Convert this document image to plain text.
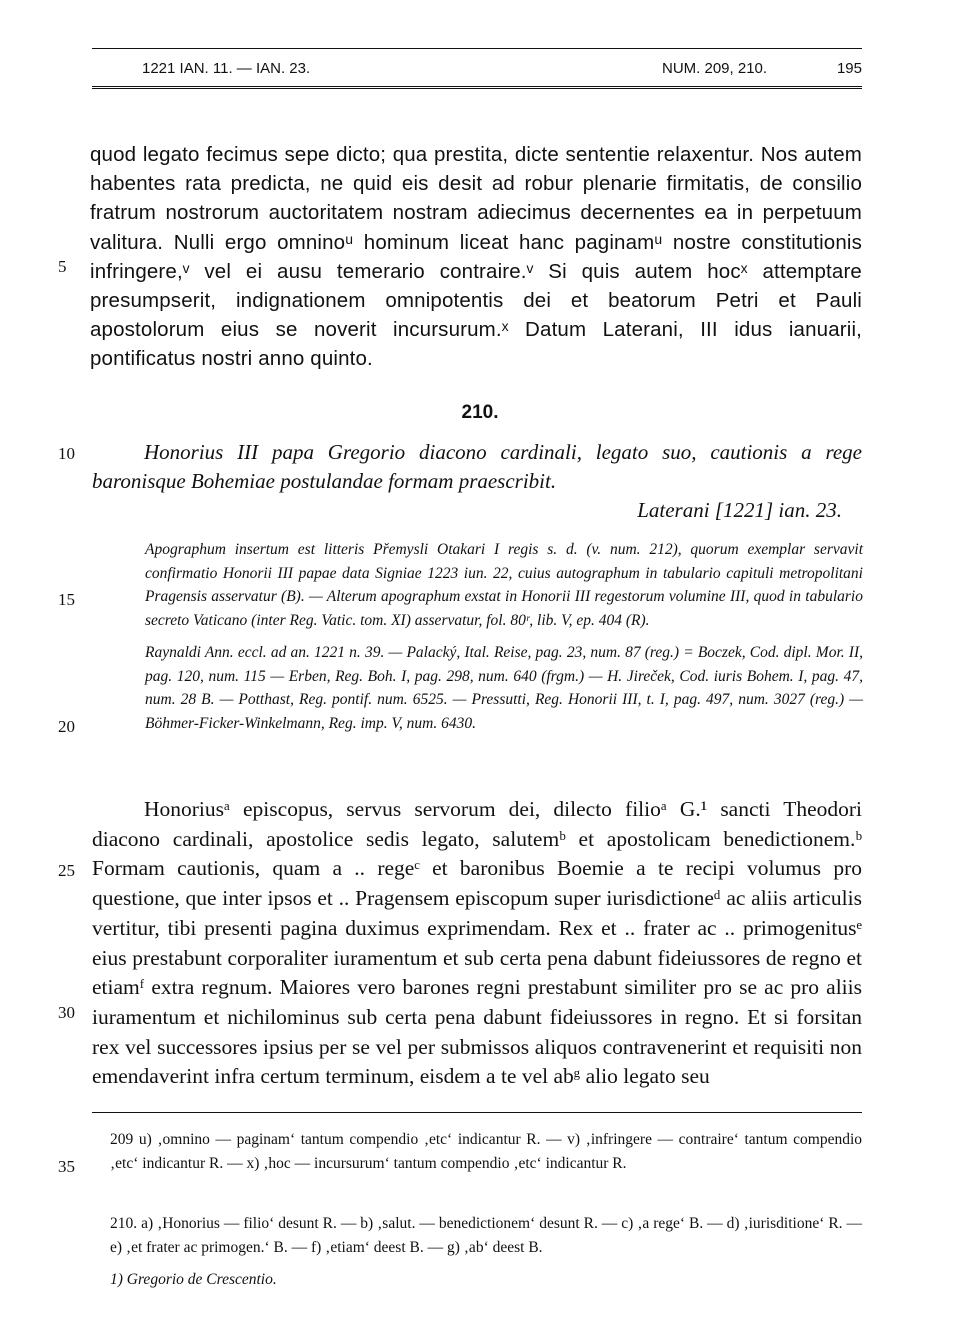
1221 IAN. 11. — IAN. 23.	NUM. 209, 210.	195
5
10
15
20
25
30
35

quod legato fecimus sepe dicto; qua prestita, dicte sententie relaxentur. Nos autem habentes rata predicta, ne quid eis desit ad robur plenarie firmitatis, de consilio fratrum nostrorum auctoritatem nostram adiecimus decernentes ea in perpetuum valitura. Nulli ergo omninoᵘ hominum liceat hanc paginamᵘ nostre constitutionis infringere,ᵛ vel ei ausu temerario contraire.ᵛ Si quis autem hocˣ attemptare presumpserit, indignationem omnipotentis dei et beatorum Petri et Pauli apostolorum eius se noverit incursurum.ˣ Datum Laterani, III idus ianuarii, pontificatus nostri anno quinto.

210.
Honorius III papa Gregorio diacono cardinali, legato suo, cautionis a rege
baronisque Bohemiae postulandae formam praescribit.
Laterani [1221] ian. 23.

Apographum insertum est litteris Přemysli Otakari I regis s. d. (v. num. 212), quorum exemplar servavit confirmatio Honorii III papae data Signiae 1223 iun. 22, cuius autographum in tabulario capituli metropolitani Pragensis asservatur (B). — Alterum apographum exstat in Honorii III regestorum volumine III, quod in tabulario secreto Vaticano (inter Reg. Vatic. tom. XI) asservatur, fol. 80ʳ, lib. V, ep. 404 (R).

Raynaldi Ann. eccl. ad an. 1221 n. 39. — Palacký, Ital. Reise, pag. 23, num. 87 (reg.) = Boczek, Cod. dipl. Mor. II, pag. 120, num. 115 — Erben, Reg. Boh. I, pag. 298, num. 640 (frgm.) — H. Jireček, Cod. iuris Bohem. I, pag. 47, num. 28 B. — Potthast, Reg. pontif. num. 6525. — Pressutti, Reg. Honorii III, t. I, pag. 497, num. 3027 (reg.) — Böhmer-Ficker-Winkelmann, Reg. imp. V, num. 6430.

Honoriusᵃ episcopus, servus servorum dei, dilecto filioᵃ G.¹ sancti Theodori diacono cardinali, apostolice sedis legato, salutemᵇ et apostolicam benedictionem.ᵇ Formam cautionis, quam a .. regeᶜ et baronibus Boemie a te recipi volumus pro questione, que inter ipsos et .. Pragensem episcopum super iurisdictioneᵈ ac aliis articulis vertitur, tibi presenti pagina duximus exprimendam. Rex et .. frater ac .. primogenitusᵉ eius prestabunt corporaliter iuramentum et sub certa pena dabunt fideiussores de regno et etiamᶠ extra regnum. Maiores vero barones regni prestabunt similiter pro se ac pro aliis iuramentum et nichilominus sub certa pena dabunt fideiussores in regno. Et si forsitan rex vel successores ipsius per se vel per submissos aliquos contravenerint et requisiti non emendaverint infra certum terminum, eisdem a te vel abᵍ alio legato seu

209 u) ‚omnino — paginam‘ tantum compendio ‚etc‘ indicantur R. — v) ‚infringere — contraire‘ tantum compendio ‚etc‘ indicantur R. — x) ‚hoc — incursurum‘ tantum compendio ‚etc‘ indicantur R.

210. a) ‚Honorius — filio‘ desunt R. — b) ‚salut. — benedictionem‘ desunt R. — c) ‚a rege‘ B. — d) ‚iurisditione‘ R. — e) ‚et frater ac primogen.‘ B. — f) ‚etiam‘ deest B. — g) ‚ab‘ deest B.

1) Gregorio de Crescentio.
